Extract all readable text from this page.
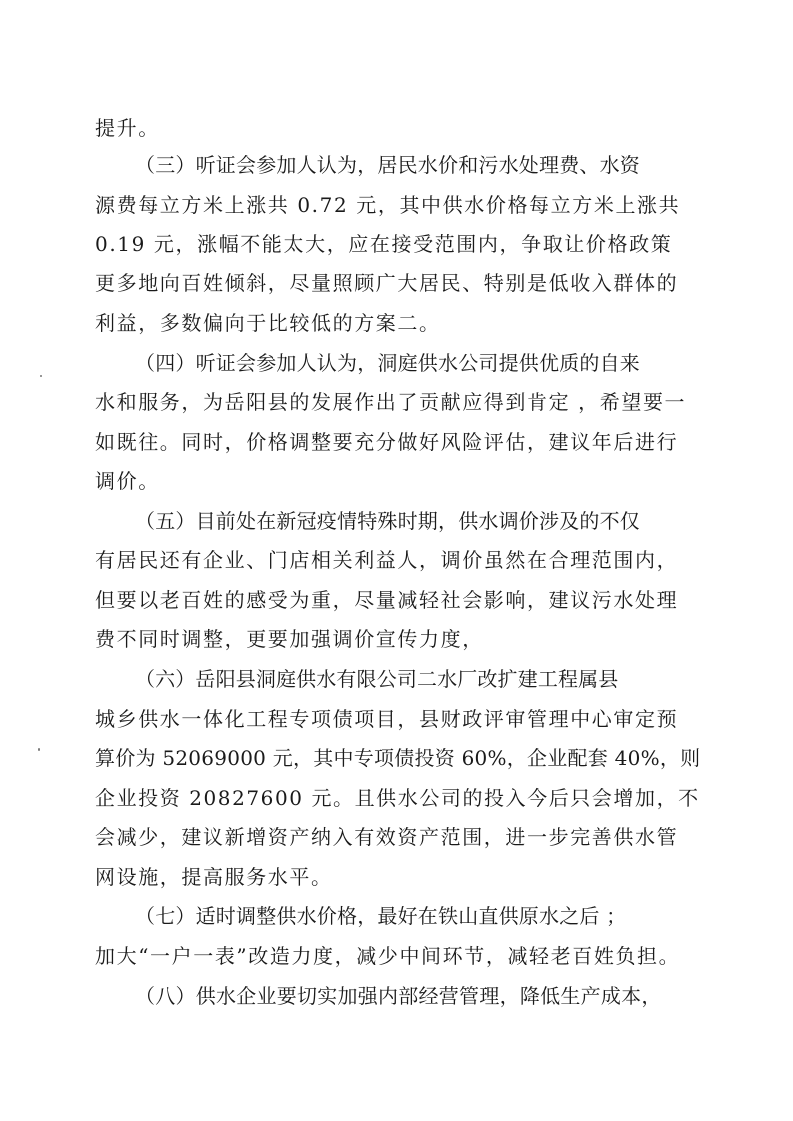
提升。
（三）听证会参加人认为，居民水价和污水处理费、水资
源费每立方米上涨共 0.72 元，其中供水价格每立方米上涨共
0.19 元，涨幅不能太大，应在接受范围内，争取让价格政策
更多地向百姓倾斜，尽量照顾广大居民、特别是低收入群体的
利益，多数偏向于比较低的方案二。
（四）听证会参加人认为，洞庭供水公司提供优质的自来
水和服务，为岳阳县的发展作出了贡献应得到肯定 ，希望要一
如既往。同时，价格调整要充分做好风险评估，建议年后进行
调价。
（五）目前处在新冠疫情特殊时期，供水调价涉及的不仅
有居民还有企业、门店相关利益人，调价虽然在合理范围内，
但要以老百姓的感受为重，尽量减轻社会影响，建议污水处理
费不同时调整，更要加强调价宣传力度，
（六）岳阳县洞庭供水有限公司二水厂改扩建工程属县
城乡供水一体化工程专项债项目，县财政评审管理中心审定预
算价为 52069000 元，其中专项债投资 60%，企业配套 40%，则
企业投资 20827600 元。且供水公司的投入今后只会增加，不
会减少，建议新增资产纳入有效资产范围，进一步完善供水管
网设施，提高服务水平。
（七）适时调整供水价格，最好在铁山直供原水之后 ；
加大“一户一表”改造力度，减少中间环节，减轻老百姓负担。
（八）供水企业要切实加强内部经营管理，降低生产成本，
